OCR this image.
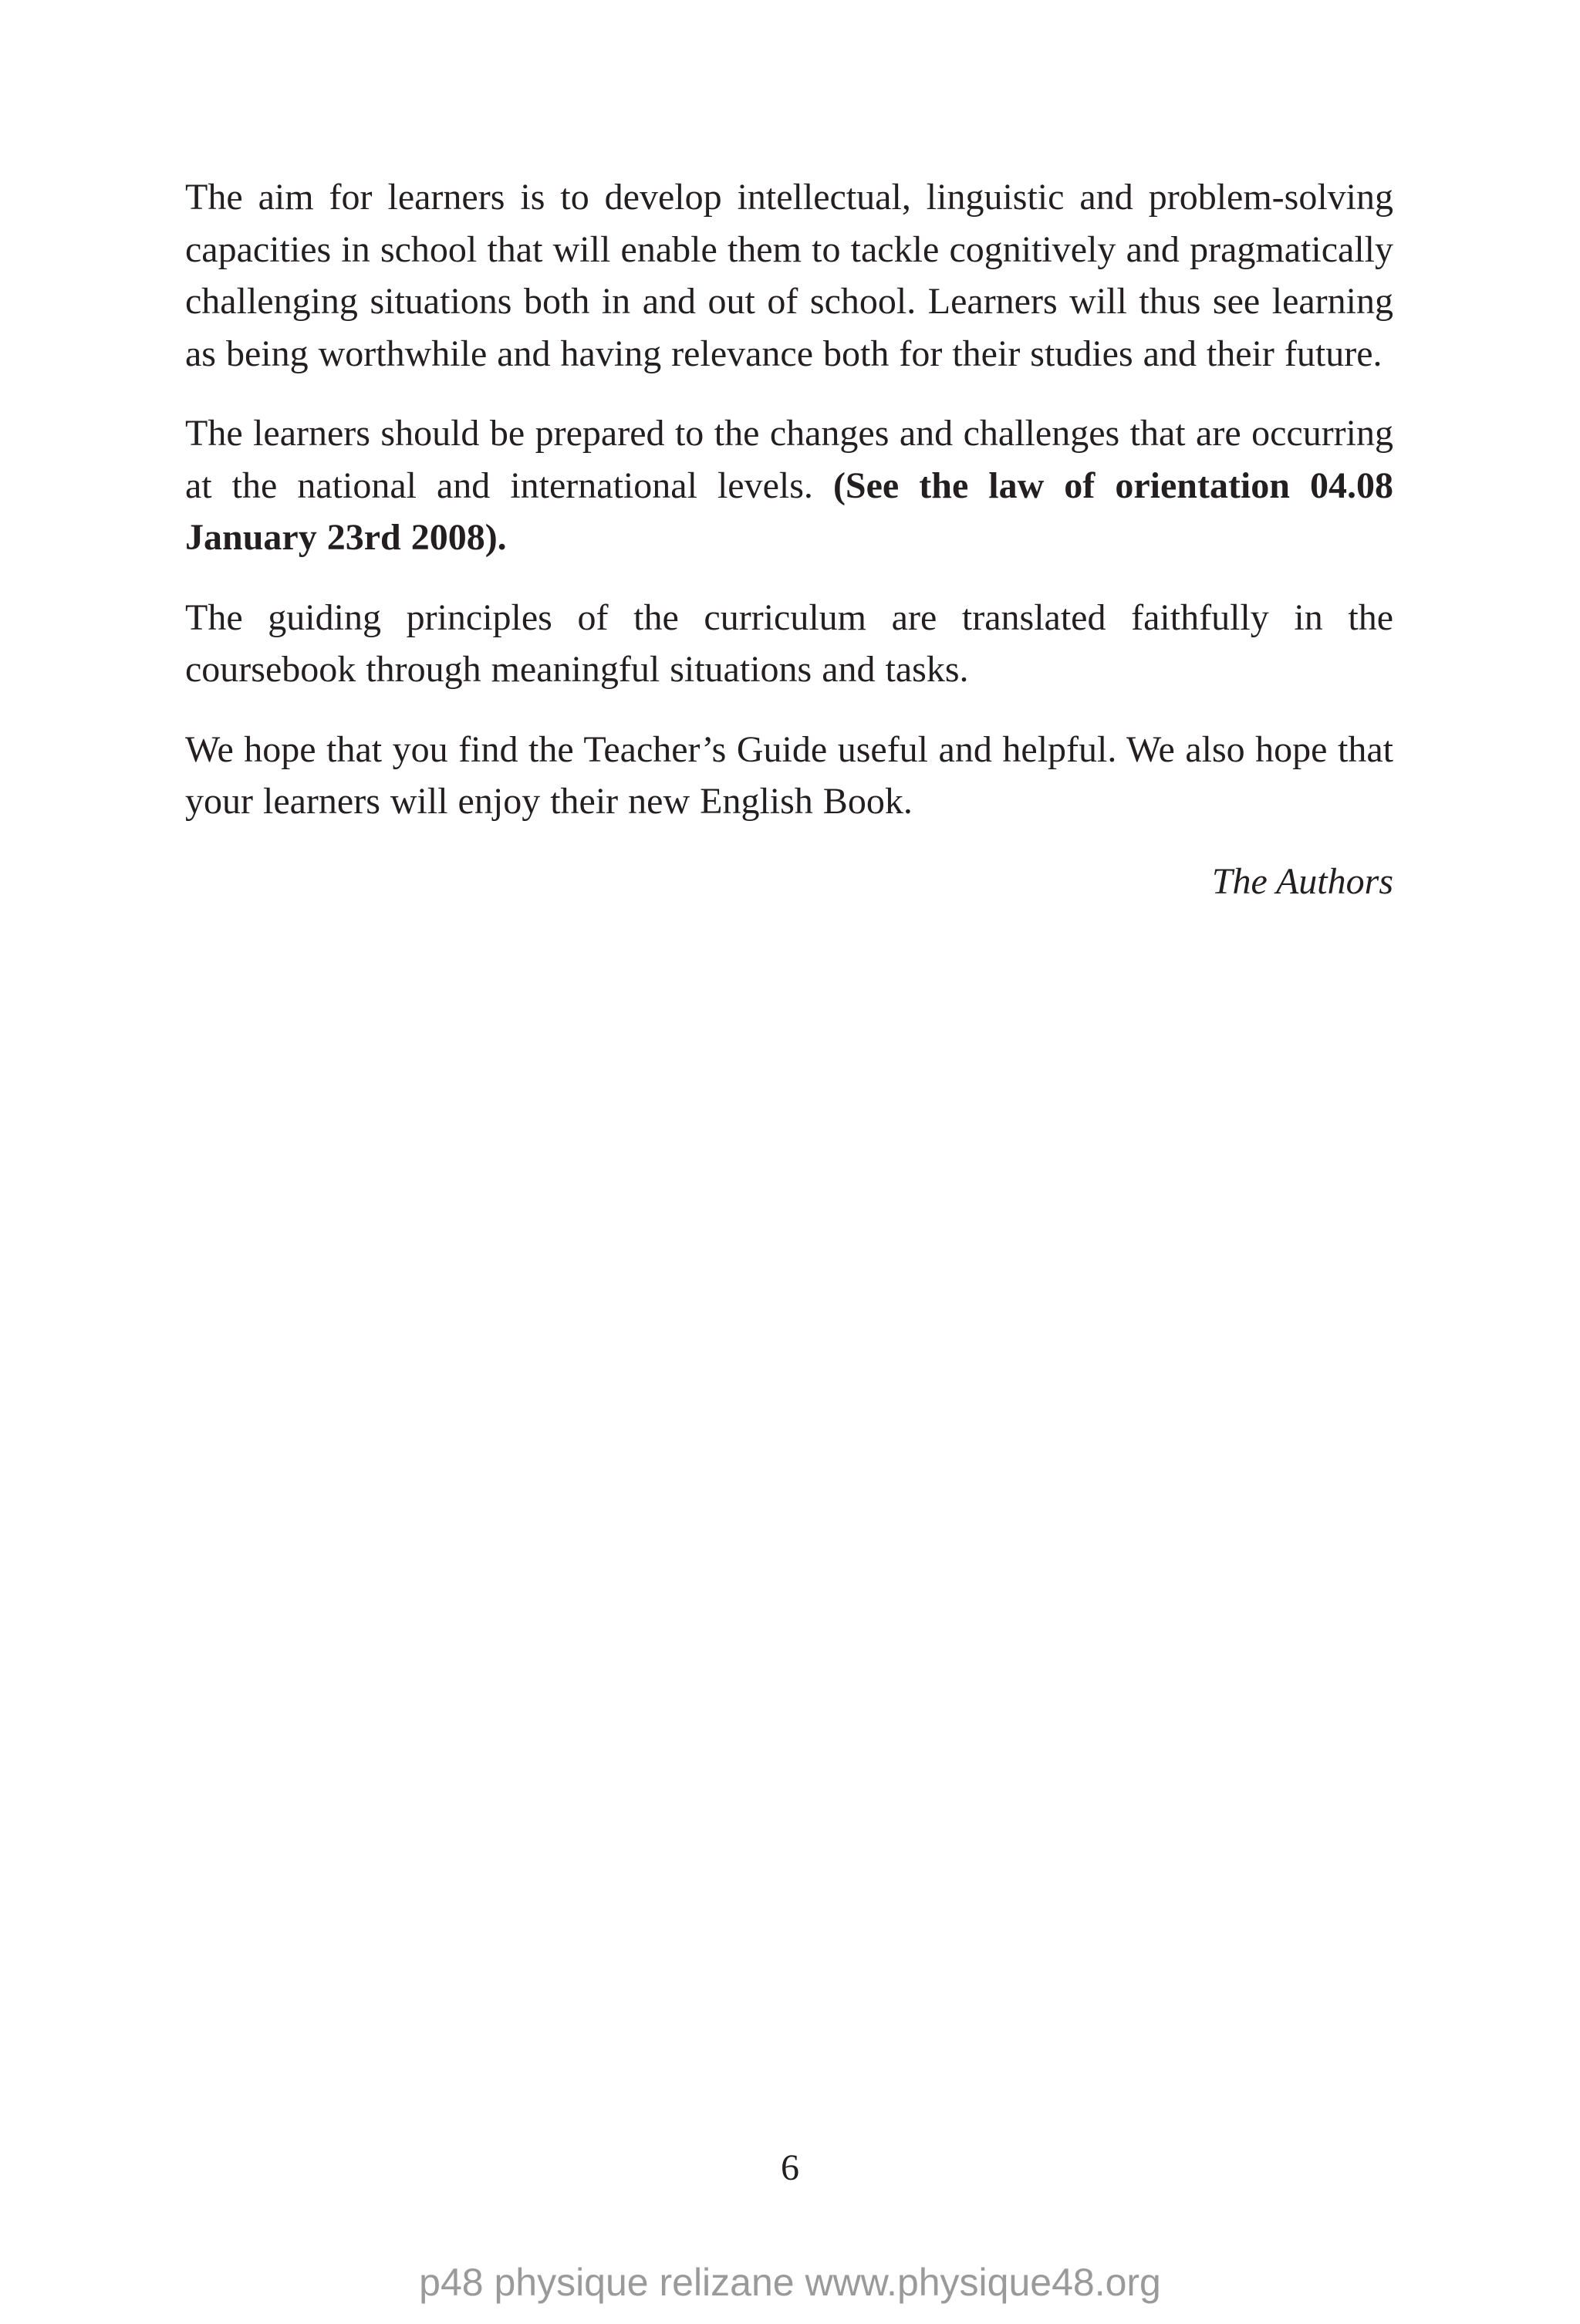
The aim for learners is to develop intellectual, linguistic and problem-solving capacities in school that will enable them to tackle cognitively and pragmatically challenging situations both in and out of school. Learners will thus see learning as being worthwhile and having relevance both for their studies and their future.

The learners should be prepared to the changes and challenges that are occurring at the national and international levels. (See the law of orientation 04.08 January 23rd 2008).

The guiding principles of the curriculum are translated faithfully in the coursebook through meaningful situations and tasks.

We hope that you find the Teacher’s Guide useful and helpful. We also hope that your learners will enjoy their new English Book.

The Authors

6
p48 physique relizane www.physique48.org
